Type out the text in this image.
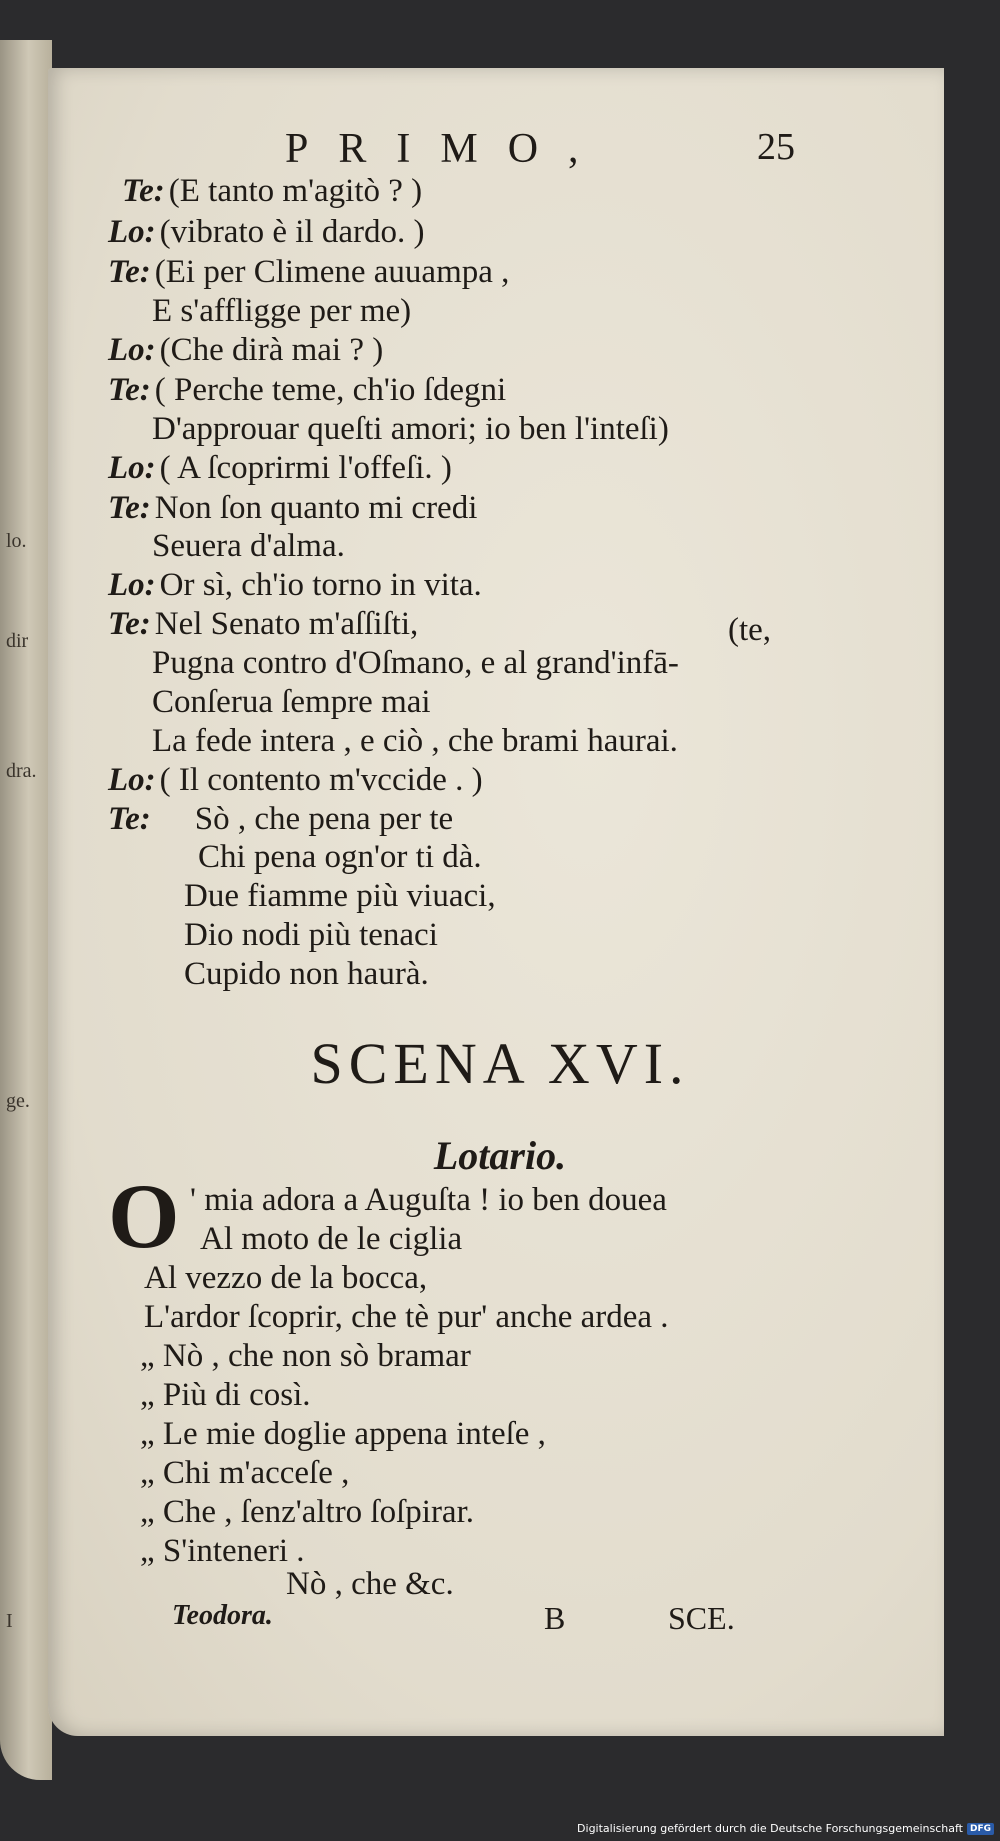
lo.
dir
dra.
ge.
I
PRIMO,	25
Te: (E tanto m'agitò ? )
Lo: (vibrato è il dardo. )
Te: (Ei per Climene auuampa ,
E s'affligge per me)
Lo: (Che dirà mai ? )
Te: ( Perche teme, ch'io ſdegni
D'approuar queſti amori; io ben l'inteſi)
Lo: ( A ſcoprirmi l'offeſi. )
Te: Non ſon quanto mi credi
Seuera d'alma.
Lo: Or sì, ch'io torno in vita.
Te: Nel Senato m'aſſiſti,	(te,
Pugna contro d'Oſmano, e al grand'infā-
Conſerua ſempre mai
La fede intera , e ciò , che brami haurai.
Lo: ( Il contento m'vccide . )
Te: Sò , che pena per te
Chi pena ogn'or ti dà.
Due fiamme più viuaci,
Dio nodi più tenaci
Cupido non haurà.
SCENA XVI.
Lotario.
O ' mia adora a Auguſta ! io ben douea
Al moto de le ciglia
Al vezzo de la bocca,
L'ardor ſcoprir, che tè pur' anche ardea .
„ Nò , che non sò bramar
„ Più di così.
„ Le mie doglie appena inteſe ,
„ Chi m'acceſe ,
„ Che , ſenz'altro ſoſpirar.
„ S'inteneri .
Nò , che &c.
Teodora.	B	SCE.
Digitalisierung gefördert durch die Deutsche Forschungsgemeinschaft DFG
